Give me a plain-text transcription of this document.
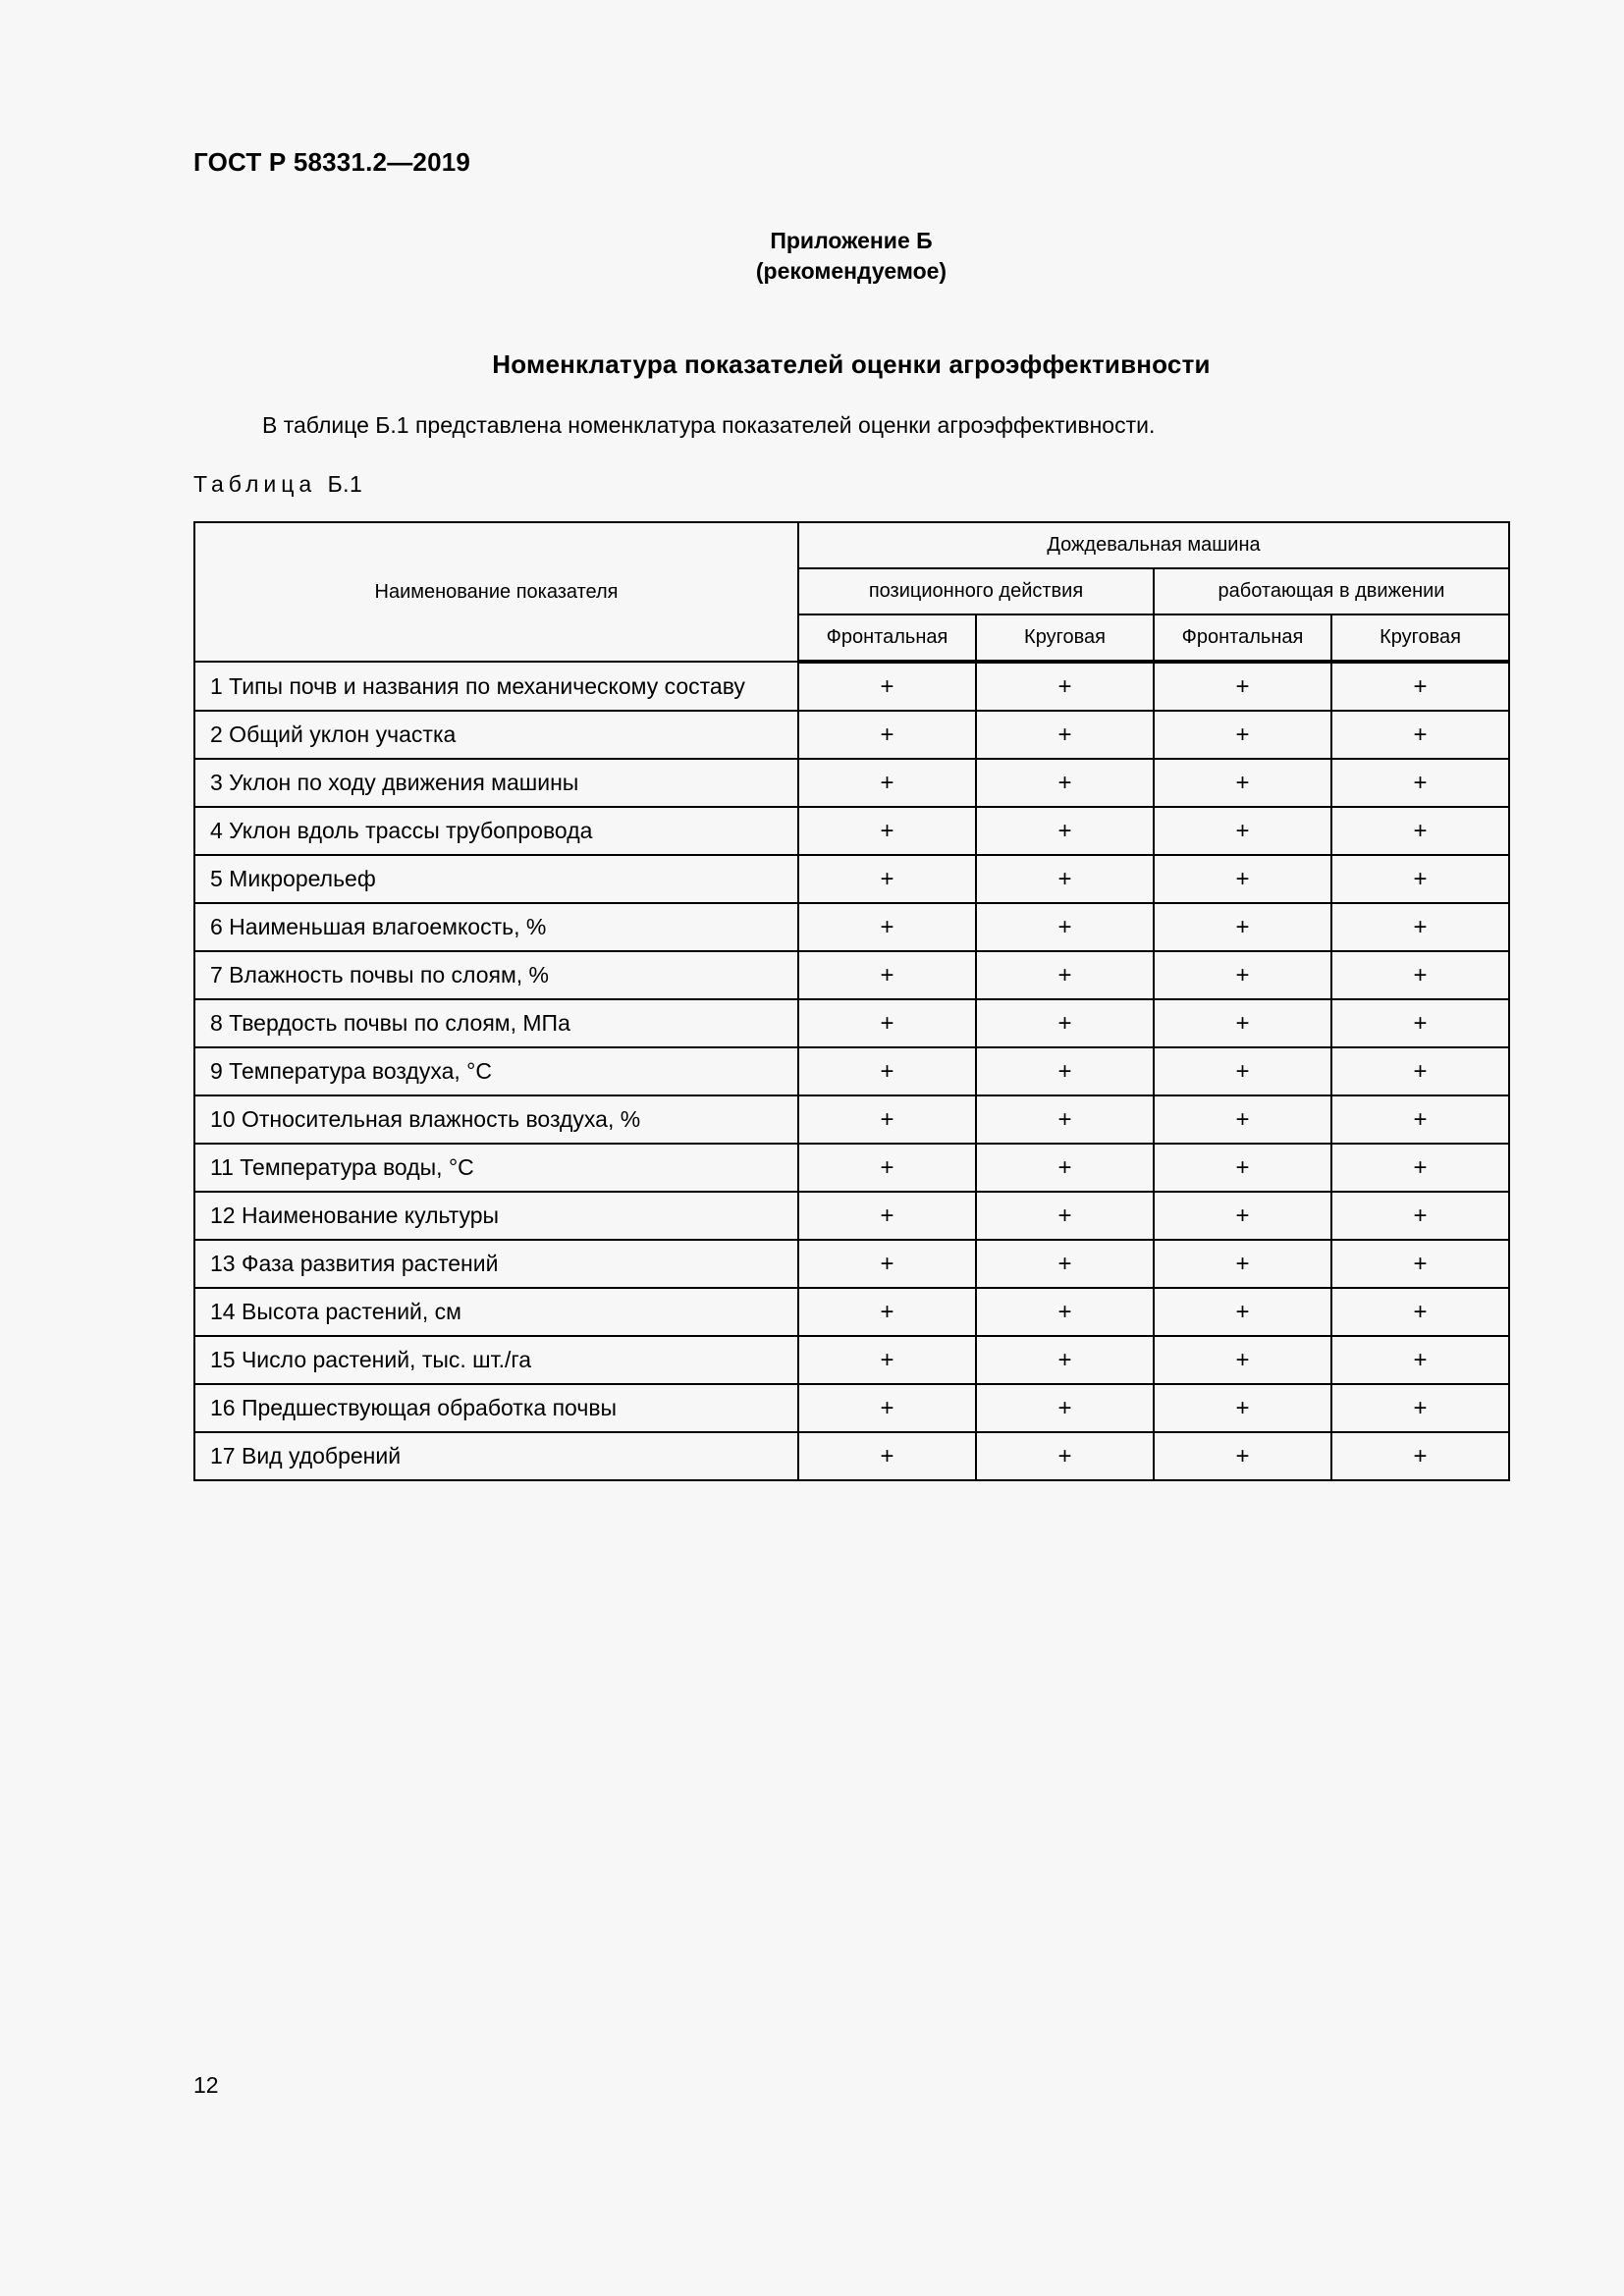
ГОСТ Р 58331.2—2019
Приложение Б
(рекомендуемое)
Номенклатура показателей оценки агроэффективности
В таблице Б.1 представлена номенклатура показателей оценки агроэффективности.
Таблица Б.1
Наименование показателя	Дождевальная машина			
	позиционного действия		работающая в движении	
	Фронтальная	Круговая	Фронтальная	Круговая
1 Типы почв и названия по механическому составу	+	+	+	+
2 Общий уклон участка	+	+	+	+
3 Уклон по ходу движения машины	+	+	+	+
4 Уклон вдоль трассы трубопровода	+	+	+	+
5 Микрорельеф	+	+	+	+
6 Наименьшая влагоемкость, %	+	+	+	+
7 Влажность почвы по слоям, %	+	+	+	+
8 Твердость почвы по слоям, МПа	+	+	+	+
9 Температура воздуха, °С	+	+	+	+
10 Относительная влажность воздуха, %	+	+	+	+
11 Температура воды, °С	+	+	+	+
12 Наименование культуры	+	+	+	+
13 Фаза развития растений	+	+	+	+
14 Высота растений, см	+	+	+	+
15 Число растений, тыс. шт./га	+	+	+	+
16 Предшествующая обработка почвы	+	+	+	+
17 Вид удобрений	+	+	+	+
12
